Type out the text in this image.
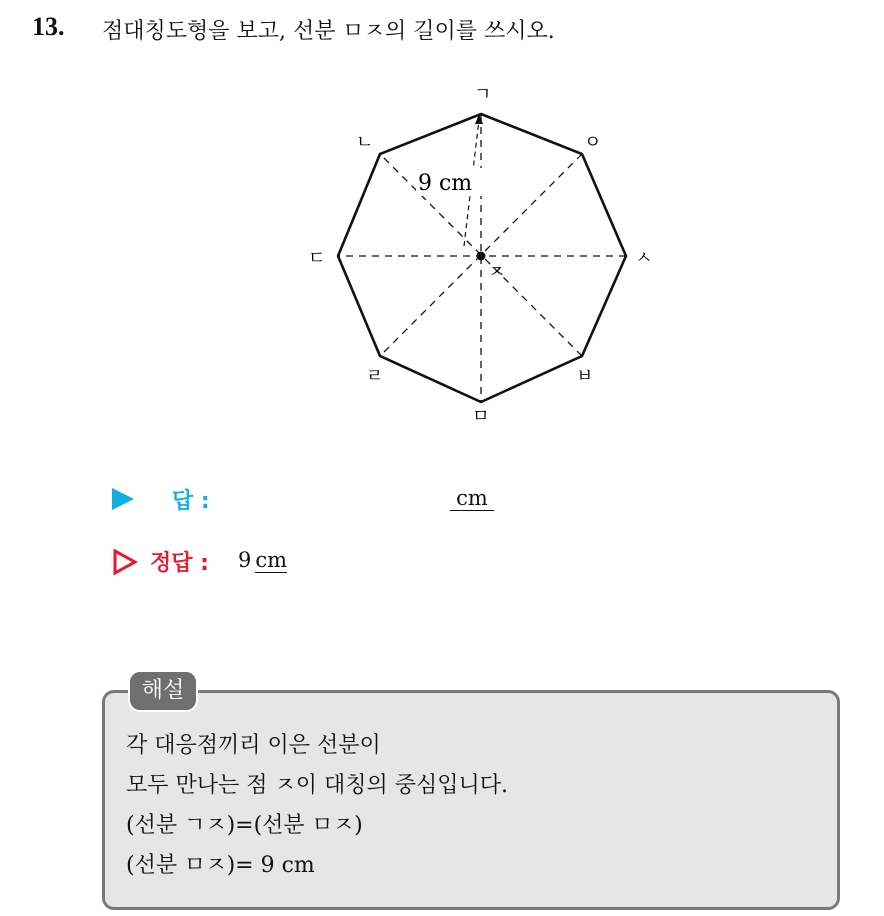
13. 점대칭도형을 보고, 선분 ㅁㅈ의 길이를 쓰시오.
9 cm
ㄱ
ㅇ
ㅅ
ㅂ
ㅁ
ㄹ
ㄷ
ㄴ
ㅈ
답 :	cm
정답 : 9 cm
해설
각 대응점끼리 이은 선분이
모두 만나는 점 ㅈ이 대칭의 중심입니다.
(선분 ㄱㅈ)=(선분 ㅁㅈ)
(선분 ㅁㅈ)= 9 cm
